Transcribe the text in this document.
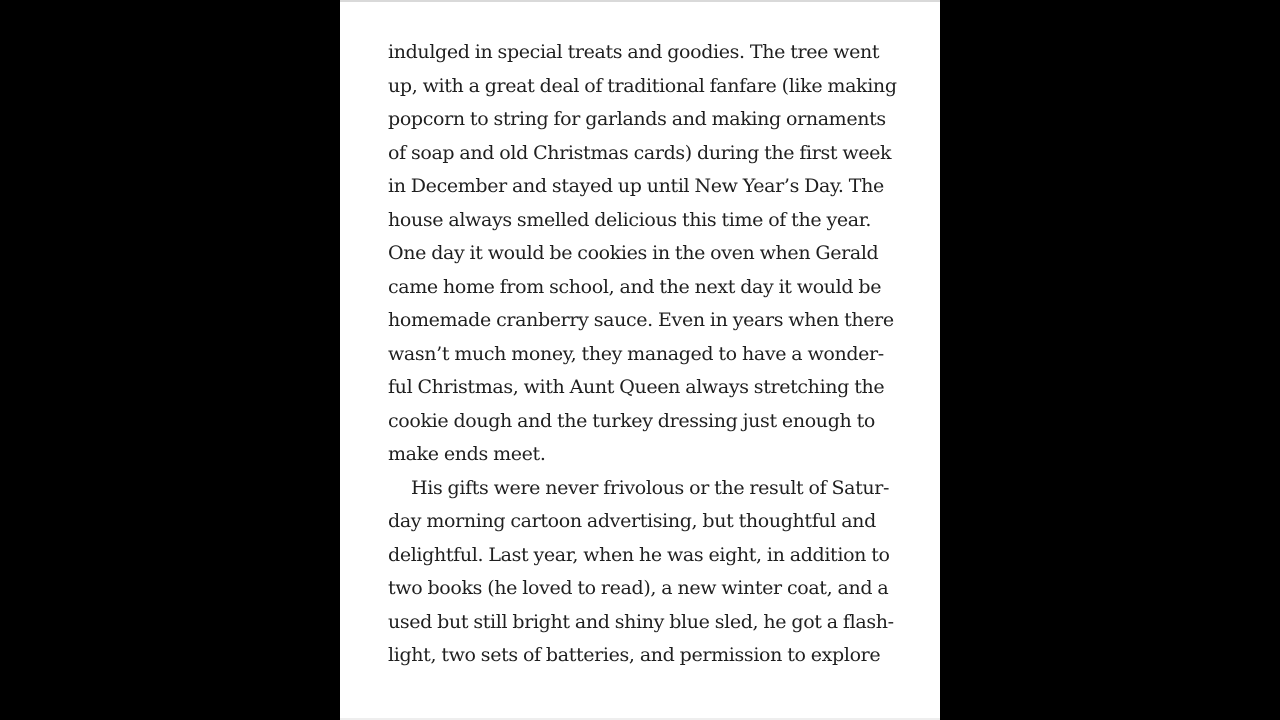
indulged in special treats and goodies. The tree went
up, with a great deal of traditional fanfare (like making
popcorn to string for garlands and making ornaments
of soap and old Christmas cards) during the first week
in December and stayed up until New Year’s Day. The
house always smelled delicious this time of the year.
One day it would be cookies in the oven when Gerald
came home from school, and the next day it would be
homemade cranberry sauce. Even in years when there
wasn’t much money, they managed to have a wonder-
ful Christmas, with Aunt Queen always stretching the
cookie dough and the turkey dressing just enough to
make ends meet.
His gifts were never frivolous or the result of Satur-
day morning cartoon advertising, but thoughtful and
delightful. Last year, when he was eight, in addition to
two books (he loved to read), a new winter coat, and a
used but still bright and shiny blue sled, he got a flash-
light, two sets of batteries, and permission to explore
